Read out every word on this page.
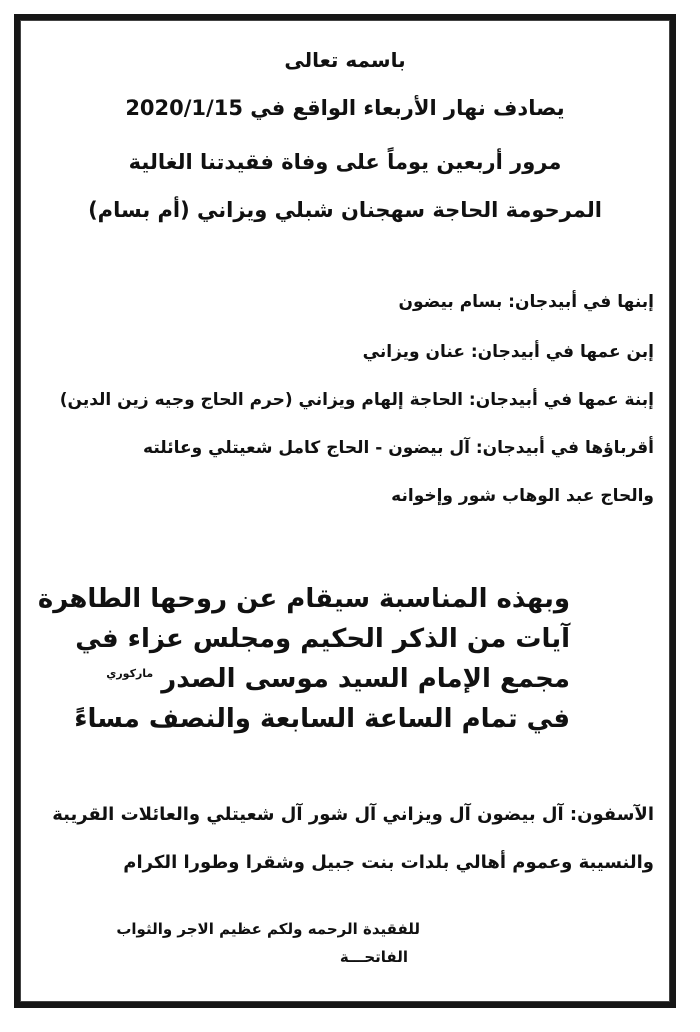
باسمه تعالى
يصادف نهار الأربعاء الواقع في 2020/1/15
مرور أربعين يوماً على وفاة فقيدتنا الغالية
المرحومة الحاجة سهجنان شبلي ويزاني (أم بسام)
إبنها في أبيدجان: بسام بيضون
إبن عمها في أبيدجان: عنان ويزاني
إبنة عمها في أبيدجان: الحاجة إلهام ويزاني (حرم الحاج وجيه زين الدين)
أقرباؤها في أبيدجان: آل بيضون - الحاج كامل شعيتلي وعائلته
والحاج عبد الوهاب شور وإخوانه
وبهذه المناسبة سيقام عن روحها الطاهرة
آيات من الذكر الحكيم ومجلس عزاء في
مجمع الإمام السيد موسى الصدر$^{ماركوري}$
في تمام الساعة السابعة والنصف مساءً
الآسفون: آل بيضون آل ويزاني آل شور آل شعيتلي والعائلات القريبة
والنسيبة وعموم أهالي بلدات بنت جبيل وشقرا وطورا الكرام
للفقيدة الرحمه ولكم عظيم الاجر والثواب
الفاتحـــة
